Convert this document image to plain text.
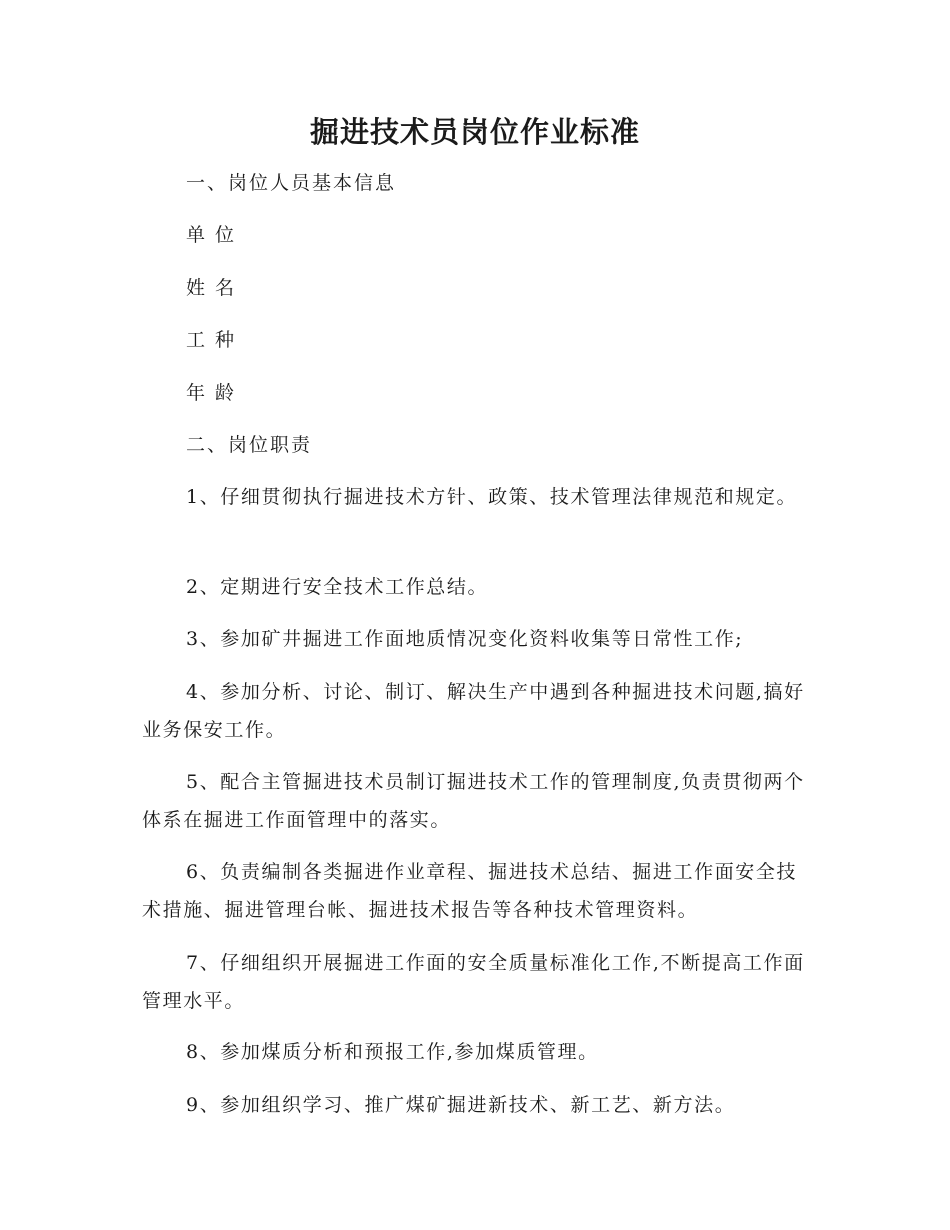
掘进技术员岗位作业标准
一、岗位人员基本信息
单 位
姓 名
工 种
年 龄
二、岗位职责
1、仔细贯彻执行掘进技术方针、政策、技术管理法律规范和规定。
2、定期进行安全技术工作总结。
3、参加矿井掘进工作面地质情况变化资料收集等日常性工作;
4、参加分析、讨论、制订、解决生产中遇到各种掘进技术问题,搞好业务保安工作。
5、配合主管掘进技术员制订掘进技术工作的管理制度,负责贯彻两个体系在掘进工作面管理中的落实。
6、负责编制各类掘进作业章程、掘进技术总结、掘进工作面安全技术措施、掘进管理台帐、掘进技术报告等各种技术管理资料。
7、仔细组织开展掘进工作面的安全质量标准化工作,不断提高工作面管理水平。
8、参加煤质分析和预报工作,参加煤质管理。
9、参加组织学习、推广煤矿掘进新技术、新工艺、新方法。
